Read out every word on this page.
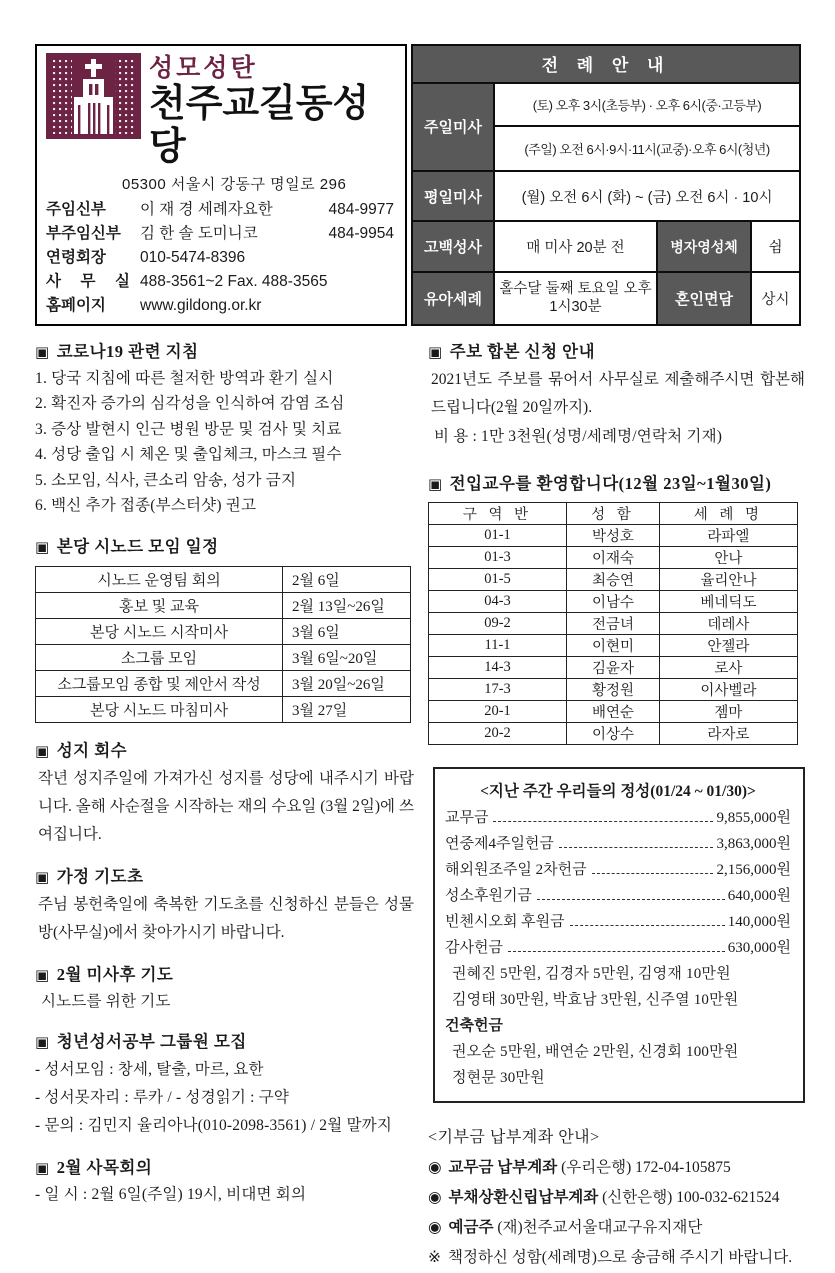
성모성탄
천주교길동성당
05300 서울시 강동구 명일로 296
주임신부	이 재 경 세례자요한	484-9977
부주임신부	김 한 솔 도미니코	484-9954
연령회장	010-5474-8396
사 무 실 488-3561~2 Fax. 488-3565
홈페이지	www.gildong.or.kr
전 례 안 내			
주일미사	(토) 오후 3시(초등부) · 오후 6시(중·고등부)		
	(주일) 오전 6시·9시·11시(교중)·오후 6시(청년)		
평일미사	(월) 오전 6시 (화) ~ (금) 오전 6시 · 10시		
고백성사	매 미사 20분 전	병자영성체	쉼
유아세례	홀수달 둘째 토요일 오후 1시30분	혼인면담	상시
▣ 코로나19 관련 지침
1. 당국 지침에 따른 철저한 방역과 환기 실시
2. 확진자 증가의 심각성을 인식하여 감염 조심
3. 증상 발현시 인근 병원 방문 및 검사 및 치료
4. 성당 출입 시 체온 및 출입체크, 마스크 필수
5. 소모임, 식사, 큰소리 암송, 성가 금지
6. 백신 추가 접종(부스터샷) 권고
▣ 본당 시노드 모임 일정
시노드 운영팀 회의	2월 6일
홍보 및 교육	2월 13일~26일
본당 시노드 시작미사	3월 6일
소그룹 모임	3월 6일~20일
소그룹모임 종합 및 제안서 작성	3월 20일~26일
본당 시노드 마침미사	3월 27일
▣ 성지 회수

작년 성지주일에 가져가신 성지를 성당에 내주시기 바랍니다. 올해 사순절을 시작하는 재의 수요일 (3월 2일)에 쓰여집니다.

▣ 가정 기도초

주님 봉헌축일에 축복한 기도초를 신청하신 분들은 성물방(사무실)에서 찾아가시기 바랍니다.

▣ 2월 미사후 기도
시노드를 위한 기도
▣ 청년성서공부 그룹원 모집
- 성서모임 : 창세, 탈출, 마르, 요한
- 성서못자리 : 루카 / - 성경읽기 : 구약
- 문의 : 김민지 율리아나(010-2098-3561) / 2월 말까지
▣ 2월 사목회의
- 일 시 : 2월 6일(주일) 19시, 비대면 회의
▣ 주보 합본 신청 안내

2021년도 주보를 묶어서 사무실로 제출해주시면 합본해드립니다(2월 20일까지).

비 용 : 1만 3천원(성명/세례명/연락처 기재)
▣ 전입교우를 환영합니다(12월 23일~1월30일)
구 역 반	성 함	세 례 명
01-1	박성호	라파엘
01-3	이재숙	안나
01-5	최승연	율리안나
04-3	이남수	베네딕도
09-2	전금녀	데레사
11-1	이현미	안젤라
14-3	김윤자	로사
17-3	황정원	이사벨라
20-1	배연순	젬마
20-2	이상수	라자로
<지난 주간 우리들의 정성(01/24 ~ 01/30)>
교무금	9,855,000원
연중제4주일헌금	3,863,000원
해외원조주일 2차헌금	2,156,000원
성소후원기금	640,000원
빈첸시오회 후원금	140,000원
감사헌금	630,000원
권혜진 5만원, 김경자 5만원, 김영재 10만원
김영태 30만원, 박효남 3만원, 신주열 10만원
건축헌금
권오순 5만원, 배연순 2만원, 신경회 100만원
정현문 30만원
<기부금 납부계좌 안내>
◉ 교무금 납부계좌 (우리은행) 172-04-105875
◉ 부채상환신립납부계좌 (신한은행) 100-032-621524
◉ 예금주 (재)천주교서울대교구유지재단
※ 책정하신 성함(세례명)으로 송금해 주시기 바랍니다.
